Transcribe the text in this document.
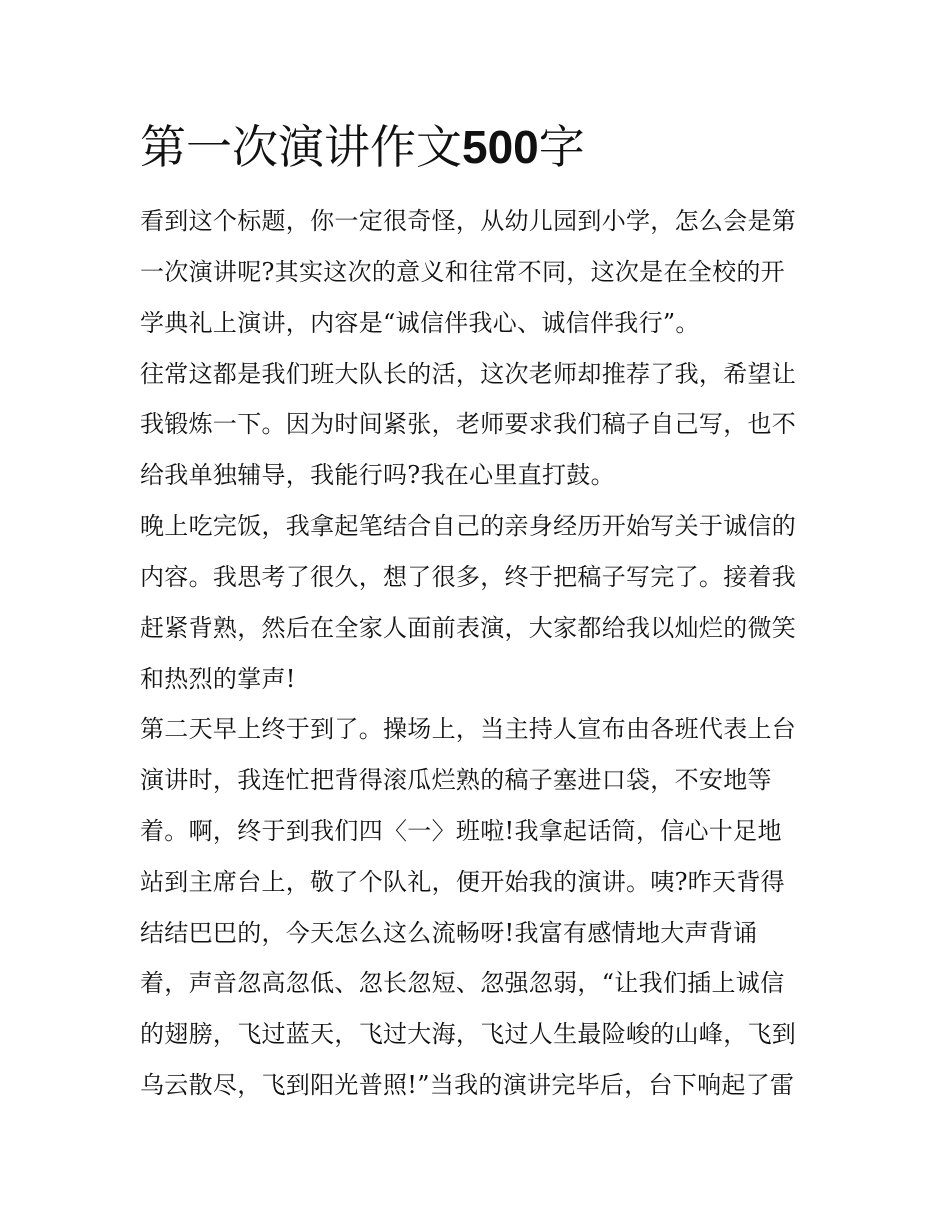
第一次演讲作文500字

看到这个标题，你一定很奇怪，从幼儿园到小学，怎么会是第

一次演讲呢?其实这次的意义和往常不同，这次是在全校的开

学典礼上演讲，内容是“诚信伴我心、诚信伴我行”。

往常这都是我们班大队长的活，这次老师却推荐了我，希望让

我锻炼一下。因为时间紧张，老师要求我们稿子自己写，也不

给我单独辅导，我能行吗?我在心里直打鼓。

晚上吃完饭，我拿起笔结合自己的亲身经历开始写关于诚信的

内容。我思考了很久，想了很多，终于把稿子写完了。接着我

赶紧背熟，然后在全家人面前表演，大家都给我以灿烂的微笑

和热烈的掌声!

第二天早上终于到了。操场上，当主持人宣布由各班代表上台

演讲时，我连忙把背得滚瓜烂熟的稿子塞进口袋，不安地等

着。啊，终于到我们四〈一〉班啦!我拿起话筒，信心十足地

站到主席台上，敬了个队礼，便开始我的演讲。咦?昨天背得

结结巴巴的，今天怎么这么流畅呀!我富有感情地大声背诵

着，声音忽高忽低、忽长忽短、忽强忽弱，“让我们插上诚信

的翅膀，飞过蓝天，飞过大海，飞过人生最险峻的山峰，飞到

乌云散尽，飞到阳光普照!”当我的演讲完毕后，台下响起了雷
